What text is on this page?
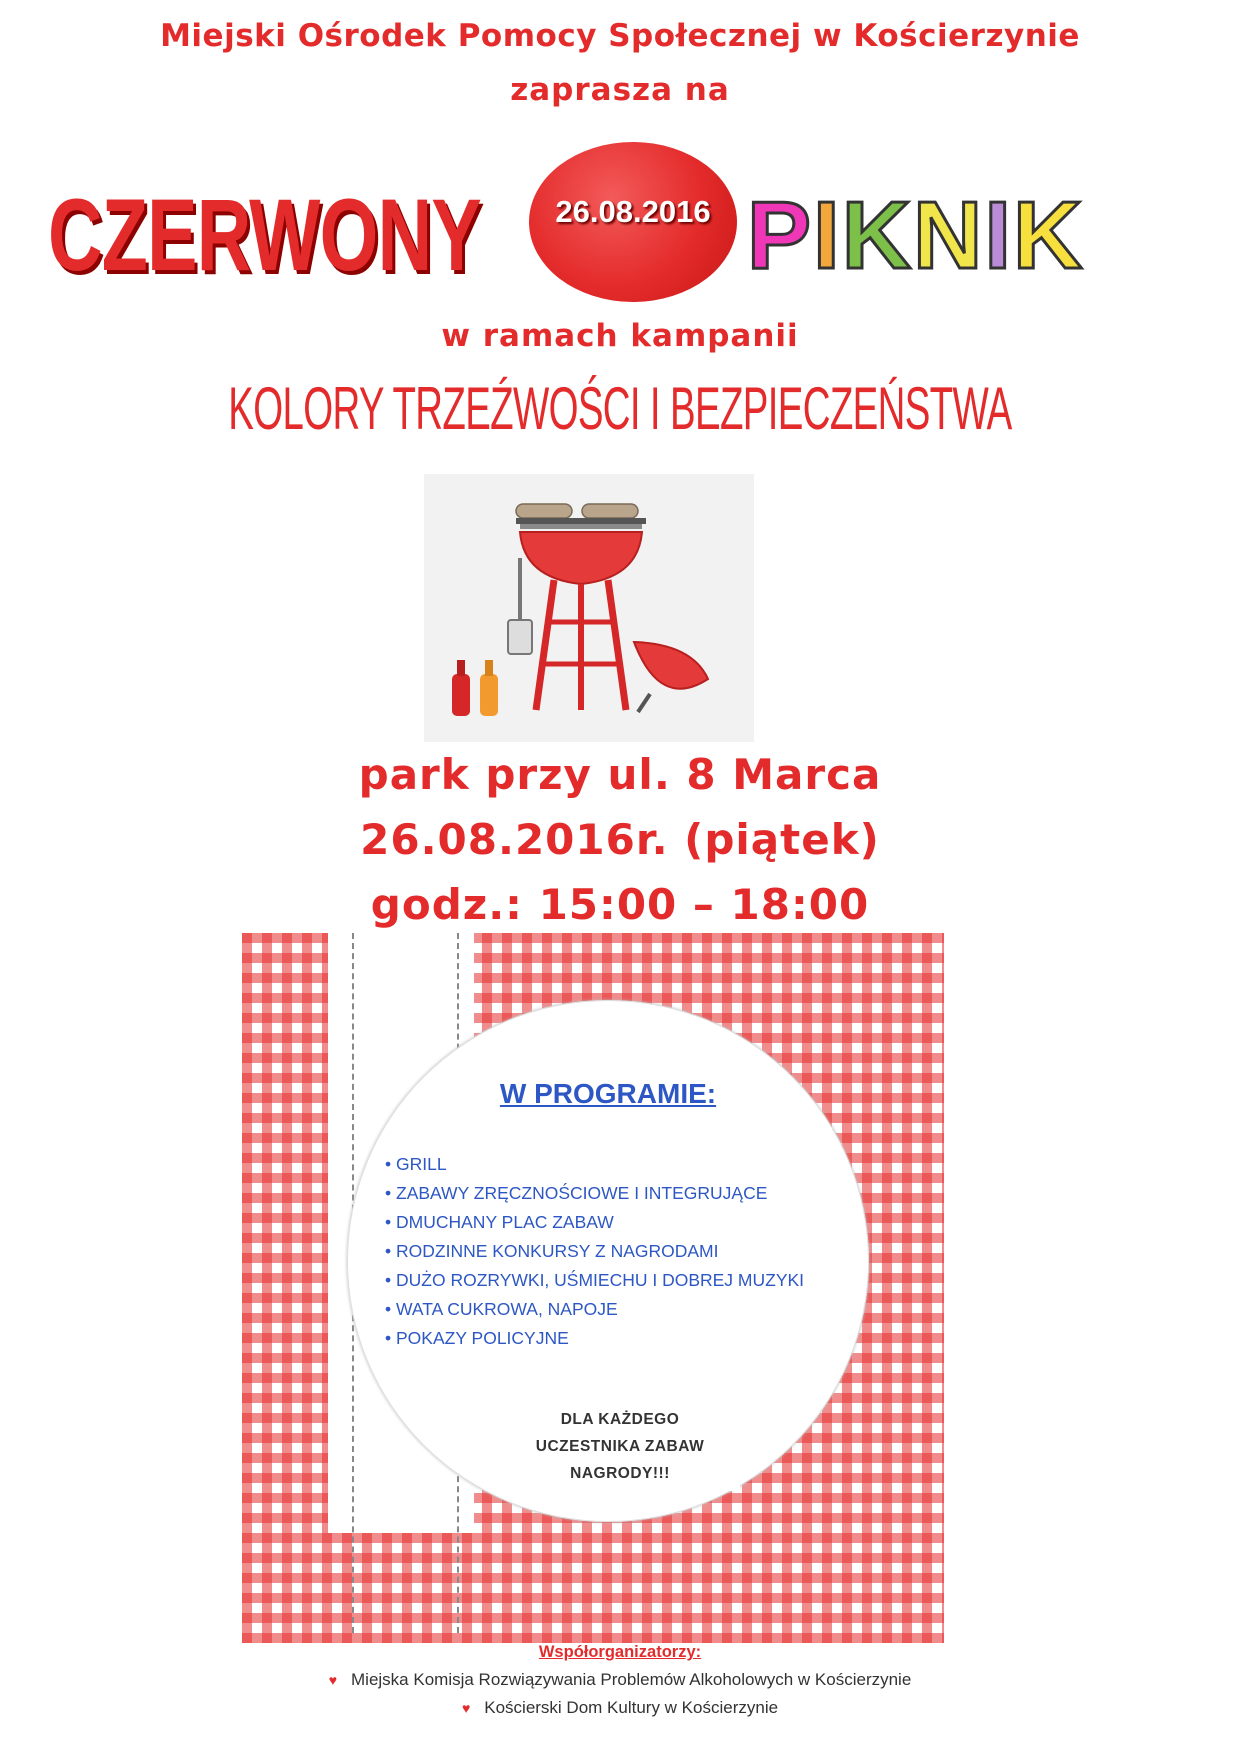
Miejski Ośrodek Pomocy Społecznej w Kościerzynie
zaprasza na
CZERWONY	26.08.2016 P I K N I K
w ramach kampanii
KOLORY TRZEŹWOŚCI I BEZPIECZEŃSTWA
park przy ul. 8 Marca
26.08.2016r. (piątek)
godz.: 15:00 – 18:00
W PROGRAMIE:
• GRILL
• ZABAWY ZRĘCZNOŚCIOWE I INTEGRUJĄCE
• DMUCHANY PLAC ZABAW
• RODZINNE KONKURSY Z NAGRODAMI
• DUŻO ROZRYWKI, UŚMIECHU I DOBREJ MUZYKI
• WATA CUKROWA, NAPOJE
• POKAZY POLICYJNE
DLA KAŻDEGO
UCZESTNIKA ZABAW
NAGRODY!!!
Współorganizatorzy:
♥ Miejska Komisja Rozwiązywania Problemów Alkoholowych w Kościerzynie
♥ Kościerski Dom Kultury w Kościerzynie
